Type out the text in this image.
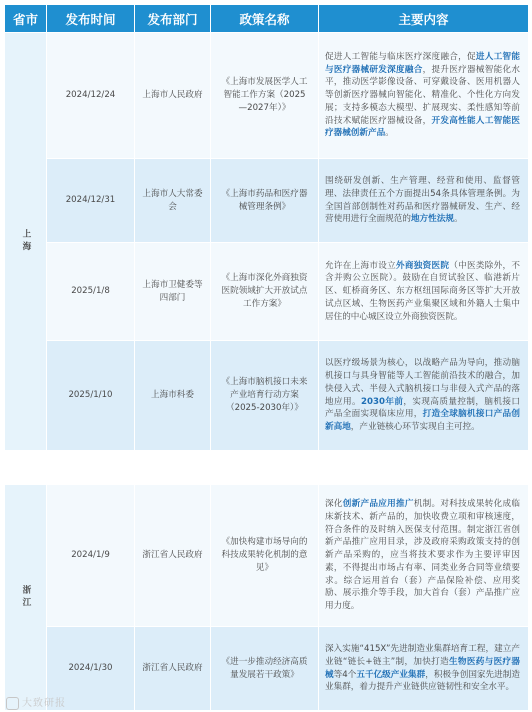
省市	发布时间	发布部门	政策名称	主要内容
上海	2024/12/24	上海市人民政府	《上海市发展医学人工智能工作方案（2025—2027年）》	促进人工智能与临床医疗深度融合，促进人工智能与医疗器械研发深度融合，提升医疗器械智能化水平，推动医学影像设备、可穿戴设备、医用机器人等创新医疗器械向智能化、精准化、个性化方向发展；支持多模态大模型、扩展现实、柔性感知等前沿技术赋能医疗器械设备，开发高性能人工智能医疗器械创新产品。
	2024/12/31	上海市人大常委会	《上海市药品和医疗器械管理条例》	围绕研发创新、生产管理、经营和使用、监督管理、法律责任五个方面提出54条具体管理条例。为全国首部创制性对药品和医疗器械研发、生产、经营使用进行全面规范的地方性法规。
	2025/1/8	上海市卫健委等四部门	《上海市深化外商独资医院领域扩大开放试点工作方案》	允许在上海市设立外商独资医院（中医类除外，不含并购公立医院）。鼓励在自贸试验区、临港新片区、虹桥商务区、东方枢纽国际商务区等扩大开放试点区域、生物医药产业集聚区域和外籍人士集中居住的中心城区设立外商独资医院。
	2025/1/10	上海市科委	《上海市脑机接口未来产业培育行动方案（2025-2030年）》	以医疗级场景为核心，以战略产品为导向，推动脑机接口与具身智能等人工智能前沿技术的融合，加快侵入式、半侵入式脑机接口与非侵入式产品的落地应用。2030年前，实现高质量控制，脑机接口产品全面实现临床应用，打造全球脑机接口产品创新高地，产业链核心环节实现自主可控。
浙江	2024/1/9	浙江省人民政府	《加快构建市场导向的科技成果转化机制的意见》	深化创新产品应用推广机制。对科技成果转化成临床新技术、新产品的，加快收费立项和审核速度，符合条件的及时纳入医保支付范围。制定浙江省创新产品推广应用目录，涉及政府采购政策支持的创新产品采购的，应当将技术要求作为主要评审因素，不得提出市场占有率、同类业务合同等业绩要求。综合运用首台（套）产品保险补偿、应用奖励、展示推介等手段，加大首台（套）产品推广应用力度。
	2024/1/30	浙江省人民政府	《进一步推动经济高质量发展若干政策》	深入实施“415X”先进制造业集群培育工程，建立产业链“链长+链主”制，加快打造生物医药与医疗器械等4个五千亿级产业集群，积极争创国家先进制造业集群，着力提升产业链供应链韧性和安全水平。
大致研报
